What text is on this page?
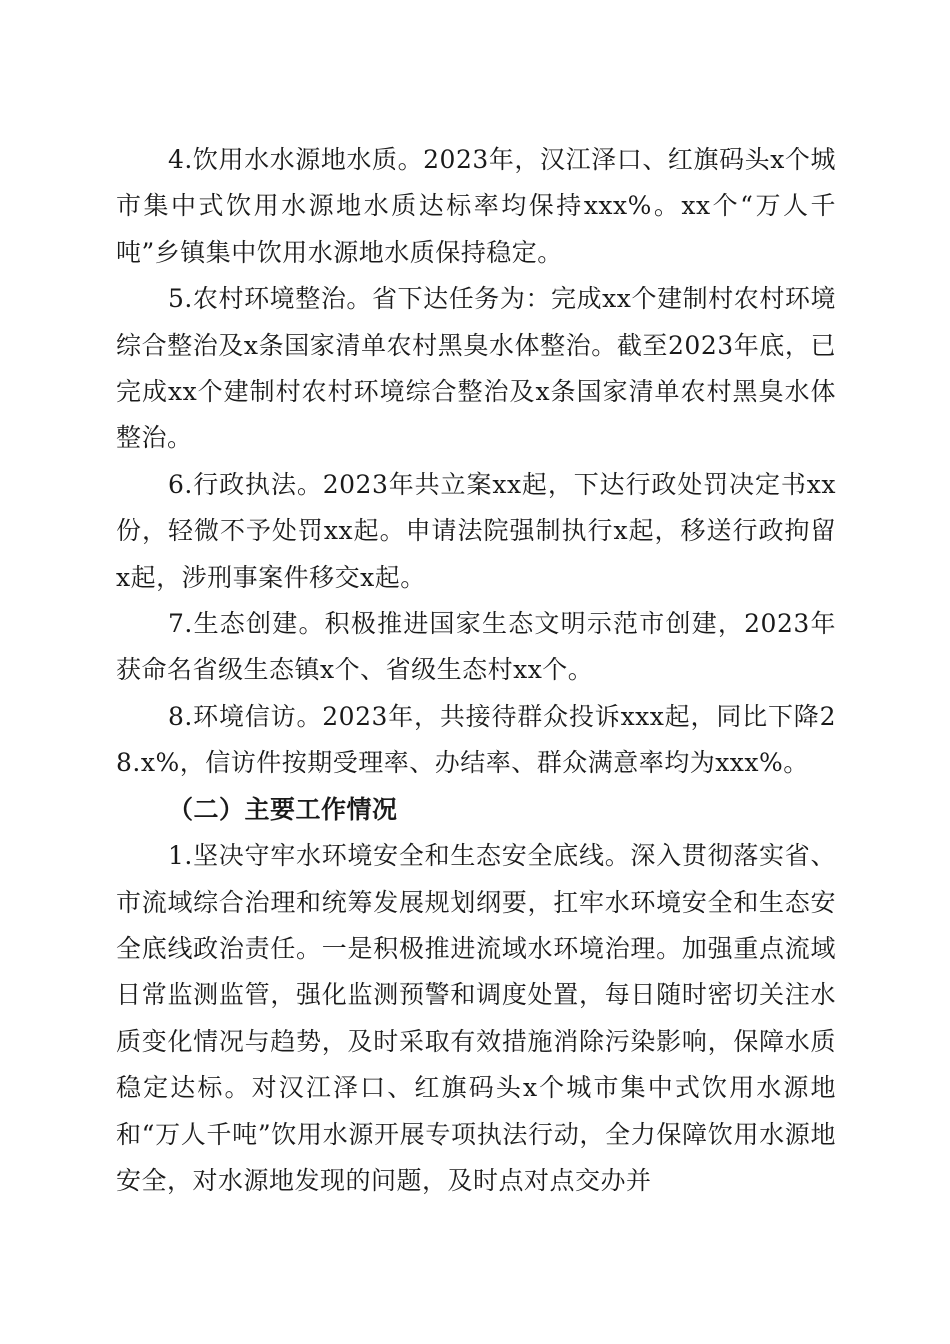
4.饮用水水源地水质。2023年，汉江泽口、红旗码头x个城市集中式饮用水源地水质达标率均保持xxx%。xx个“万人千吨”乡镇集中饮用水源地水质保持稳定。

5.农村环境整治。省下达任务为：完成xx个建制村农村环境综合整治及x条国家清单农村黑臭水体整治。截至2023年底，已完成xx个建制村农村环境综合整治及x条国家清单农村黑臭水体整治。

6.行政执法。2023年共立案xx起，下达行政处罚决定书xx份，轻微不予处罚xx起。申请法院强制执行x起，移送行政拘留x起，涉刑事案件移交x起。

7.生态创建。积极推进国家生态文明示范市创建，2023年获命名省级生态镇x个、省级生态村xx个。

8.环境信访。2023年，共接待群众投诉xxx起，同比下降28.x%，信访件按期受理率、办结率、群众满意率均为xxx%。

（二）主要工作情况

1.坚决守牢水环境安全和生态安全底线。深入贯彻落实省、市流域综合治理和统筹发展规划纲要，扛牢水环境安全和生态安全底线政治责任。一是积极推进流域水环境治理。加强重点流域日常监测监管，强化监测预警和调度处置，每日随时密切关注水质变化情况与趋势，及时采取有效措施消除污染影响，保障水质稳定达标。对汉江泽口、红旗码头x个城市集中式饮用水源地和“万人千吨”饮用水源开展专项执法行动，全力保障饮用水源地安全，对水源地发现的问题，及时点对点交办并
